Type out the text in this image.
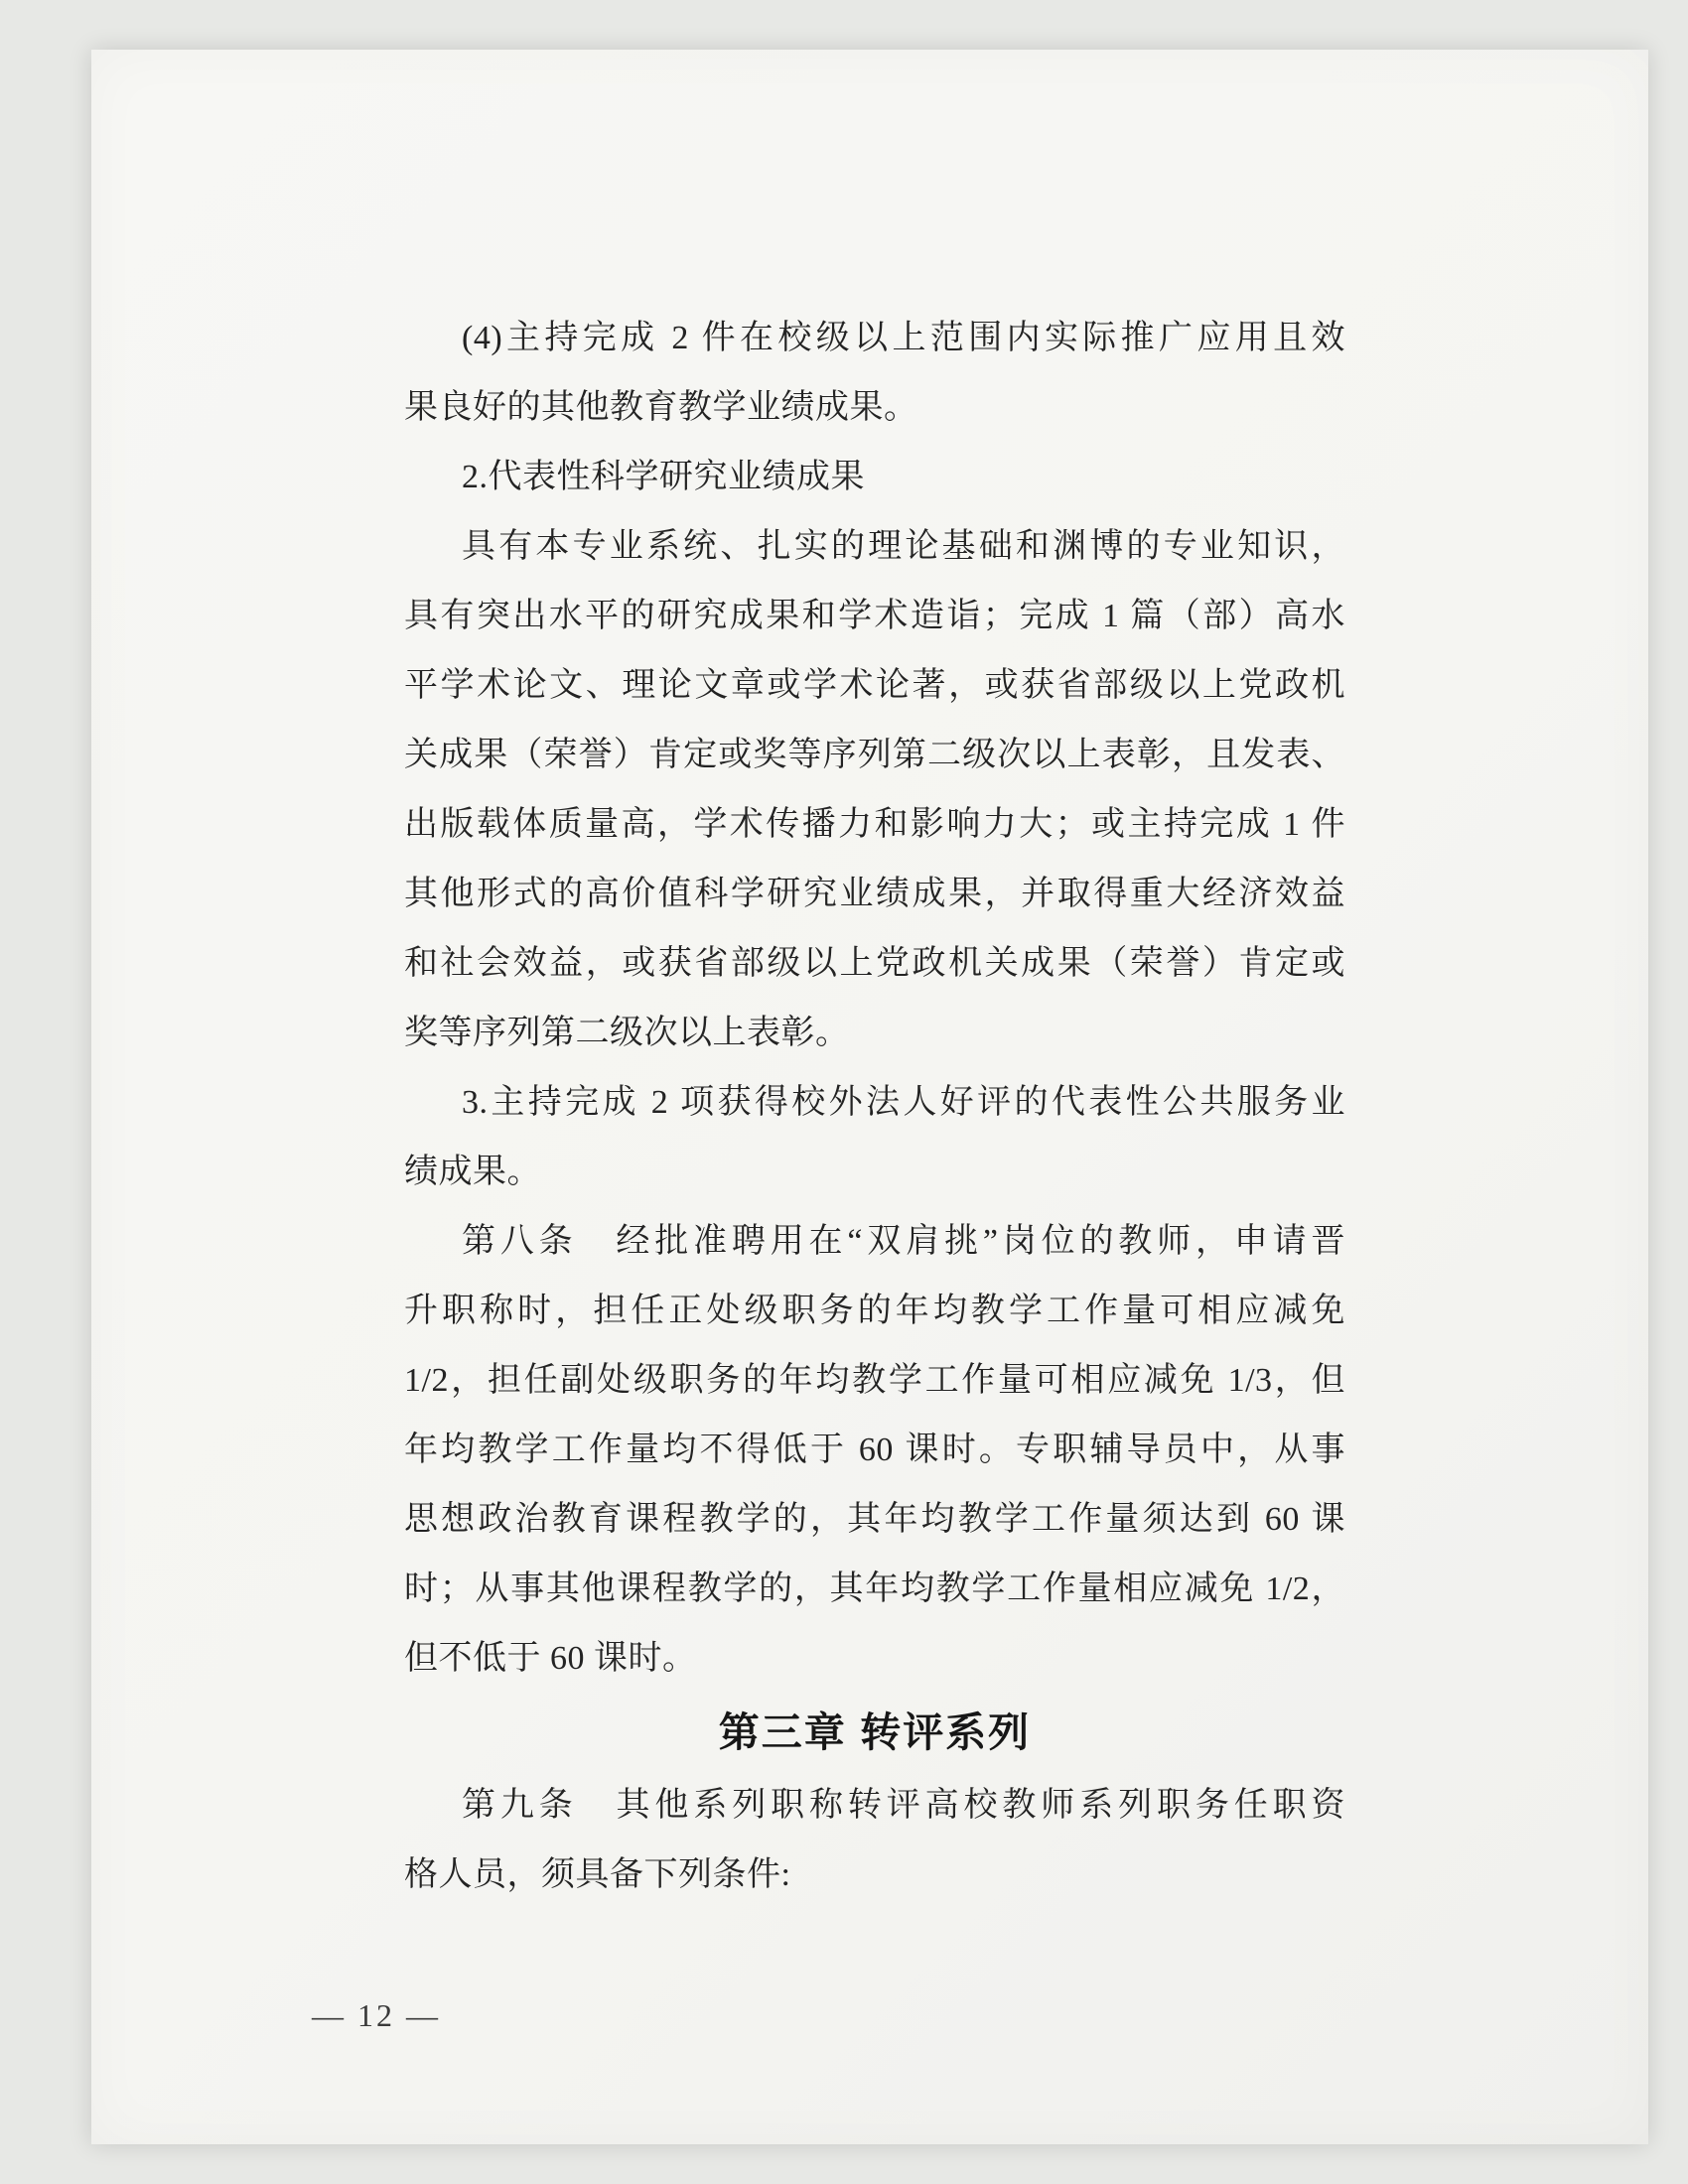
(4)主持完成 2 件在校级以上范围内实际推广应用且效
果良好的其他教育教学业绩成果。
2.代表性科学研究业绩成果
具有本专业系统、扎实的理论基础和渊博的专业知识，
具有突出水平的研究成果和学术造诣；完成 1 篇（部）高水
平学术论文、理论文章或学术论著，或获省部级以上党政机
关成果（荣誉）肯定或奖等序列第二级次以上表彰，且发表、
出版载体质量高，学术传播力和影响力大；或主持完成 1 件
其他形式的高价值科学研究业绩成果，并取得重大经济效益
和社会效益，或获省部级以上党政机关成果（荣誉）肯定或
奖等序列第二级次以上表彰。
3.主持完成 2 项获得校外法人好评的代表性公共服务业
绩成果。
第八条　经批准聘用在“双肩挑”岗位的教师，申请晋
升职称时，担任正处级职务的年均教学工作量可相应减免
1/2，担任副处级职务的年均教学工作量可相应减免 1/3，但
年均教学工作量均不得低于 60 课时。专职辅导员中，从事
思想政治教育课程教学的，其年均教学工作量须达到 60 课
时；从事其他课程教学的，其年均教学工作量相应减免 1/2，
但不低于 60 课时。
第三章 转评系列
第九条　其他系列职称转评高校教师系列职务任职资
格人员，须具备下列条件:
— 12 —
